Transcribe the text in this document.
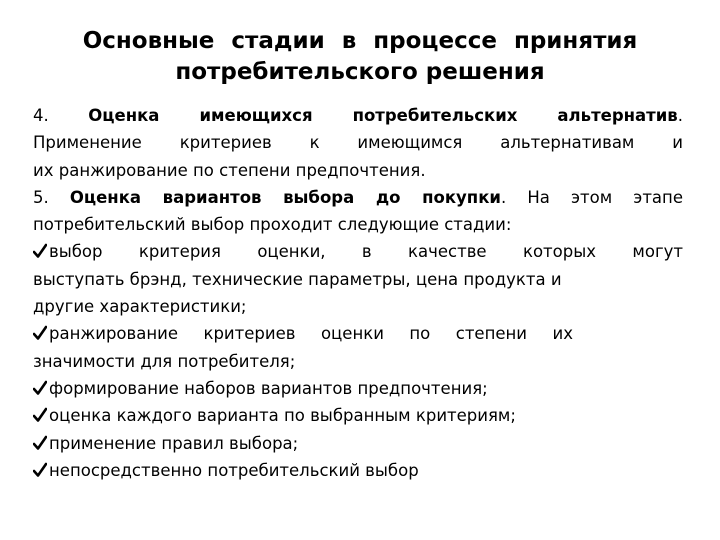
Основные стадии в процессе принятия
потребительского решения
4. Оценка имеющихся потребительских альтернатив.
Применение критериев к имеющимся альтернативам и
их ранжирование по степени предпочтения.
5. Оценка вариантов выбора до покупки. На этом этапе
потребительский выбор проходит следующие стадии:
выбор критерия оценки, в качестве которых могут
выступать брэнд, технические параметры, цена продукта и
другие характеристики;
ранжирование критериев оценки по степени их
значимости для потребителя;
формирование наборов вариантов предпочтения;
оценка каждого варианта по выбранным критериям;
применение правил выбора;
непосредственно потребительский выбор
